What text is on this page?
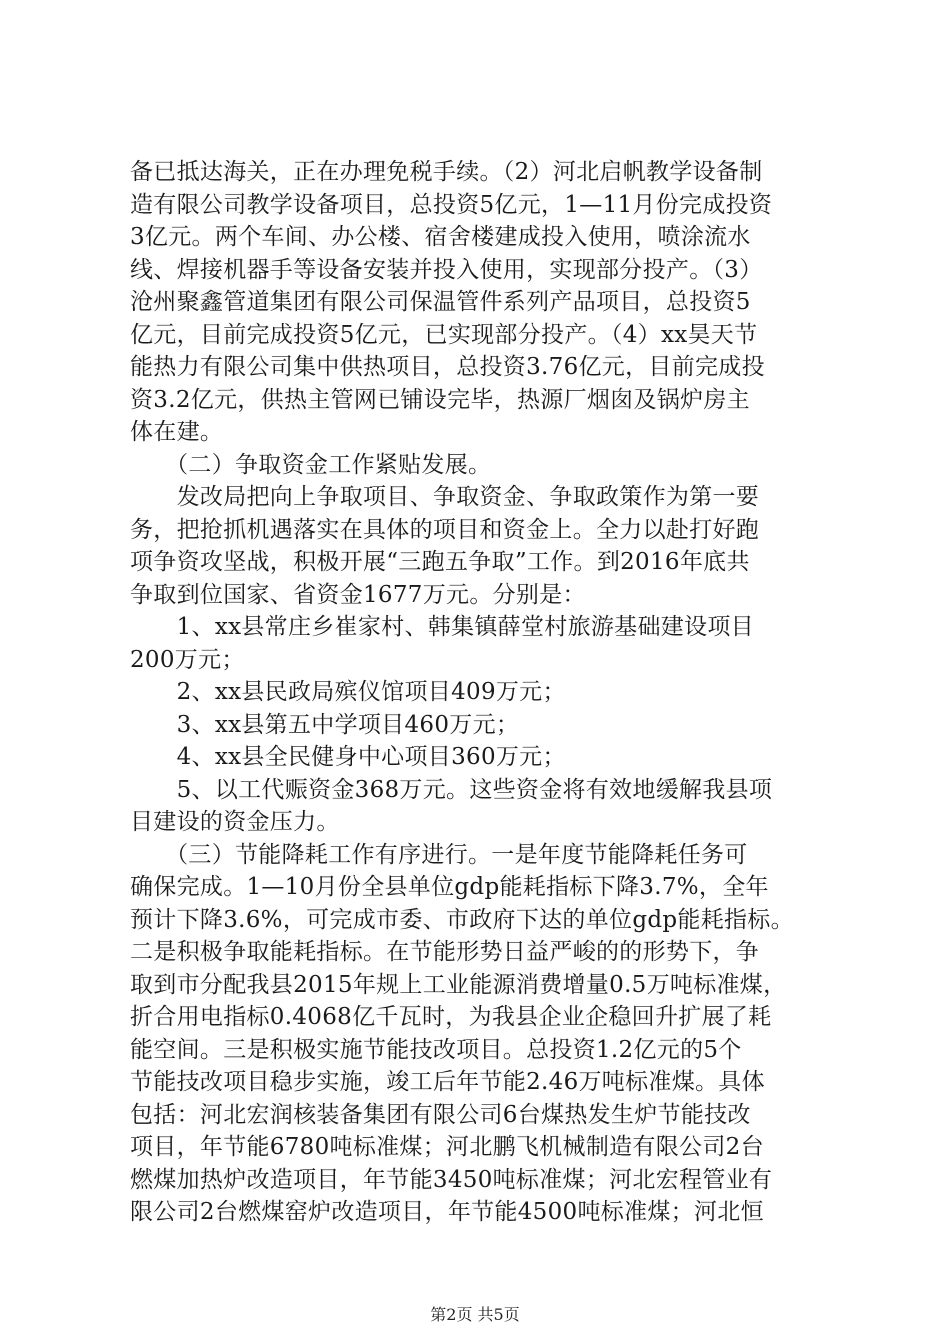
备已抵达海关，正在办理免税手续。（2）河北启帆教学设备制
造有限公司教学设备项目，总投资5亿元，1—11月份完成投资
3亿元。两个车间、办公楼、宿舍楼建成投入使用，喷涂流水
线、焊接机器手等设备安装并投入使用，实现部分投产。（3）
沧州聚鑫管道集团有限公司保温管件系列产品项目，总投资5
亿元，目前完成投资5亿元，已实现部分投产。（4）xx昊天节
能热力有限公司集中供热项目，总投资3.76亿元，目前完成投
资3.2亿元，供热主管网已铺设完毕，热源厂烟囱及锅炉房主
体在建。
　　（二）争取资金工作紧贴发展。
　　发改局把向上争取项目、争取资金、争取政策作为第一要
务，把抢抓机遇落实在具体的项目和资金上。全力以赴打好跑
项争资攻坚战，积极开展“三跑五争取”工作。到2016年底共
争取到位国家、省资金1677万元。分别是：
　　1、xx县常庄乡崔家村、韩集镇薛堂村旅游基础建设项目
200万元；
　　2、xx县民政局殡仪馆项目409万元；
　　3、xx县第五中学项目460万元；
　　4、xx县全民健身中心项目360万元；
　　5、以工代赈资金368万元。这些资金将有效地缓解我县项
目建设的资金压力。
　　（三）节能降耗工作有序进行。一是年度节能降耗任务可
确保完成。1—10月份全县单位gdp能耗指标下降3.7%，全年
预计下降3.6%，可完成市委、市政府下达的单位gdp能耗指标。
二是积极争取能耗指标。在节能形势日益严峻的的形势下，争
取到市分配我县2015年规上工业能源消费增量0.5万吨标准煤，
折合用电指标0.4068亿千瓦时，为我县企业企稳回升扩展了耗
能空间。三是积极实施节能技改项目。总投资1.2亿元的5个
节能技改项目稳步实施，竣工后年节能2.46万吨标准煤。具体
包括：河北宏润核装备集团有限公司6台煤热发生炉节能技改
项目，年节能6780吨标准煤；河北鹏飞机械制造有限公司2台
燃煤加热炉改造项目，年节能3450吨标准煤；河北宏程管业有
限公司2台燃煤窑炉改造项目，年节能4500吨标准煤；河北恒
第2页 共5页
